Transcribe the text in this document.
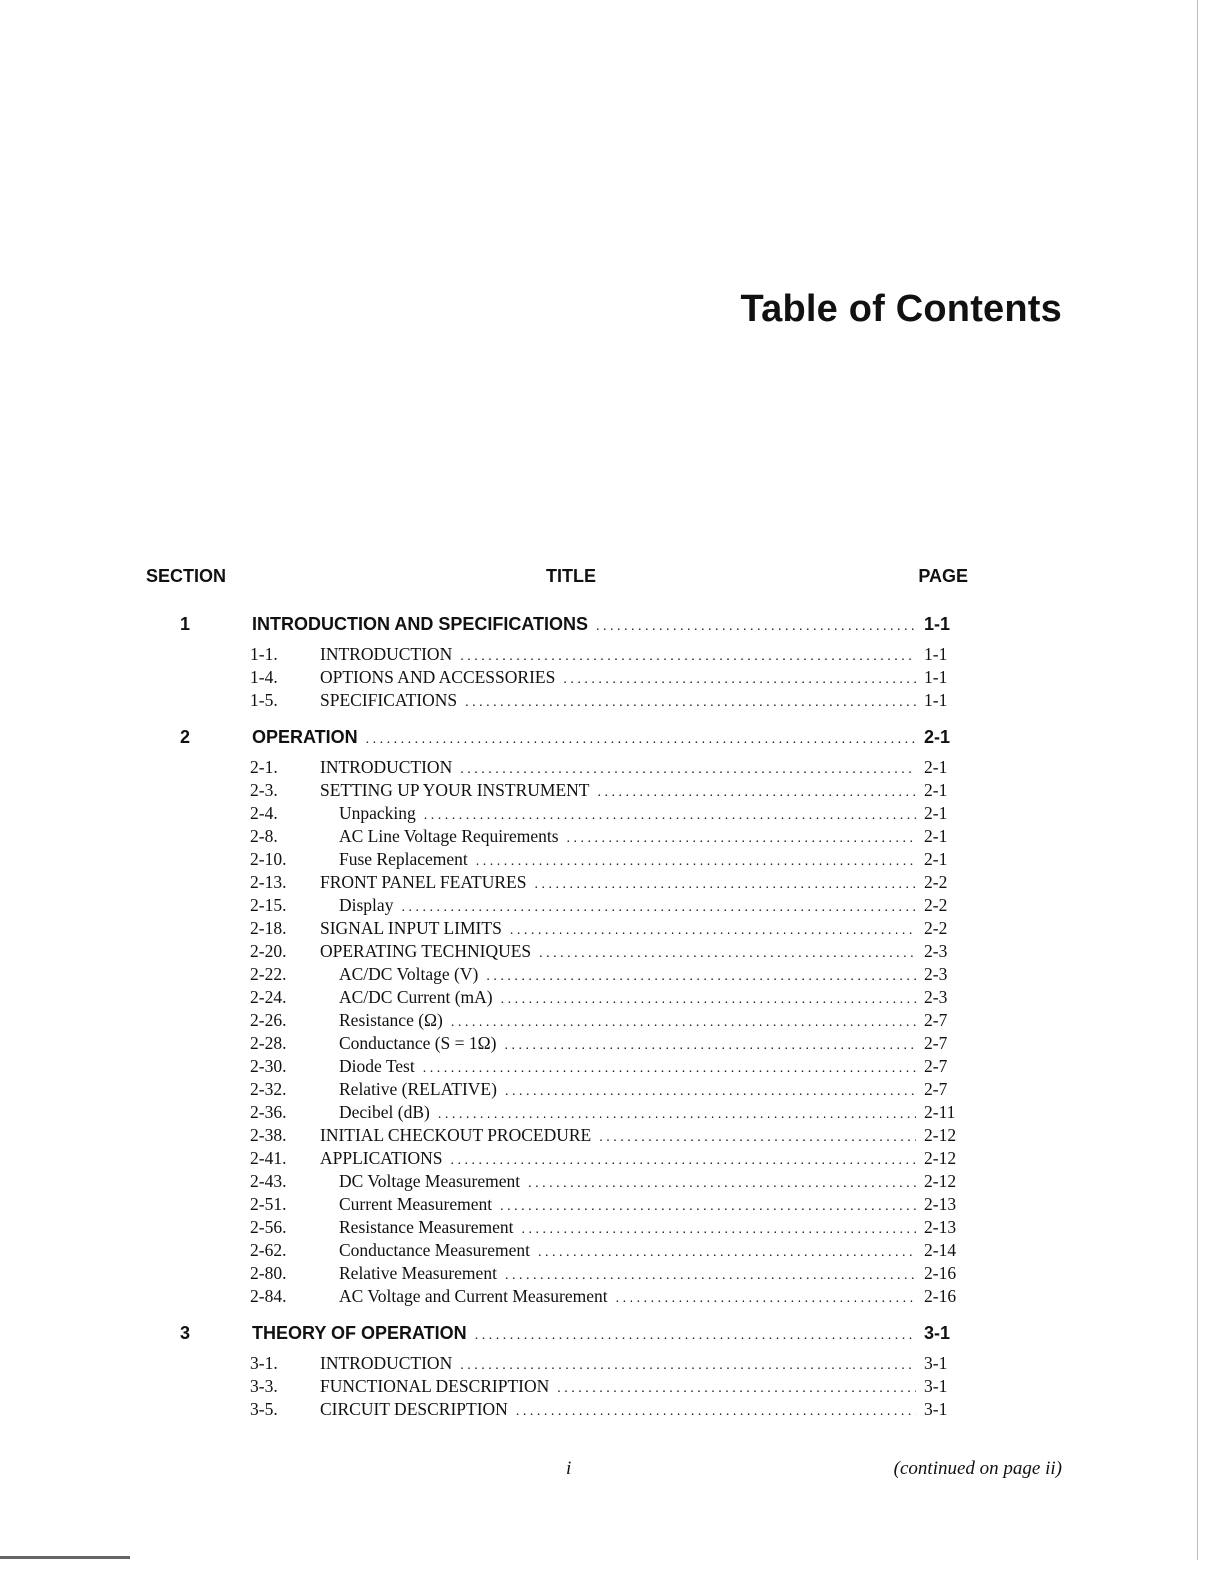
Table of Contents
SECTION	TITLE	PAGE
1	INTRODUCTION AND SPECIFICATIONS . . .	1-1
1-1. INTRODUCTION . . .	1-1
1-4. OPTIONS AND ACCESSORIES . . .	1-1
1-5. SPECIFICATIONS . . .	1-1
2	OPERATION . . .	2-1
2-1. INTRODUCTION . . .	2-1
2-3. SETTING UP YOUR INSTRUMENT . . .	2-1
2-4.	Unpacking . . .	2-1
2-8.	AC Line Voltage Requirements . . .	2-1
2-10.	Fuse Replacement . . .	2-1
2-13. FRONT PANEL FEATURES . . .	2-2
2-15.	Display . . .	2-2
2-18. SIGNAL INPUT LIMITS . . .	2-2
2-20. OPERATING TECHNIQUES . . .	2-3
2-22.	AC/DC Voltage (V) . . .	2-3
2-24.	AC/DC Current (mA) . . .	2-3
2-26.	Resistance (Ω) . . .	2-7
2-28.	Conductance (S = 1Ω) . . .	2-7
2-30.	Diode Test . . .	2-7
2-32.	Relative (RELATIVE) . . .	2-7
2-36.	Decibel (dB) . . .	2-11
2-38. INITIAL CHECKOUT PROCEDURE . . .	2-12
2-41. APPLICATIONS . . .	2-12
2-43.	DC Voltage Measurement . . .	2-12
2-51.	Current Measurement . . .	2-13
2-56.	Resistance Measurement . . .	2-13
2-62.	Conductance Measurement . . .	2-14
2-80.	Relative Measurement . . .	2-16
2-84.	AC Voltage and Current Measurement . . .	2-16
3	THEORY OF OPERATION . . .	3-1
3-1. INTRODUCTION . . .	3-1
3-3. FUNCTIONAL DESCRIPTION . . .	3-1
3-5. CIRCUIT DESCRIPTION . . .	3-1
i	(continued on page ii)
